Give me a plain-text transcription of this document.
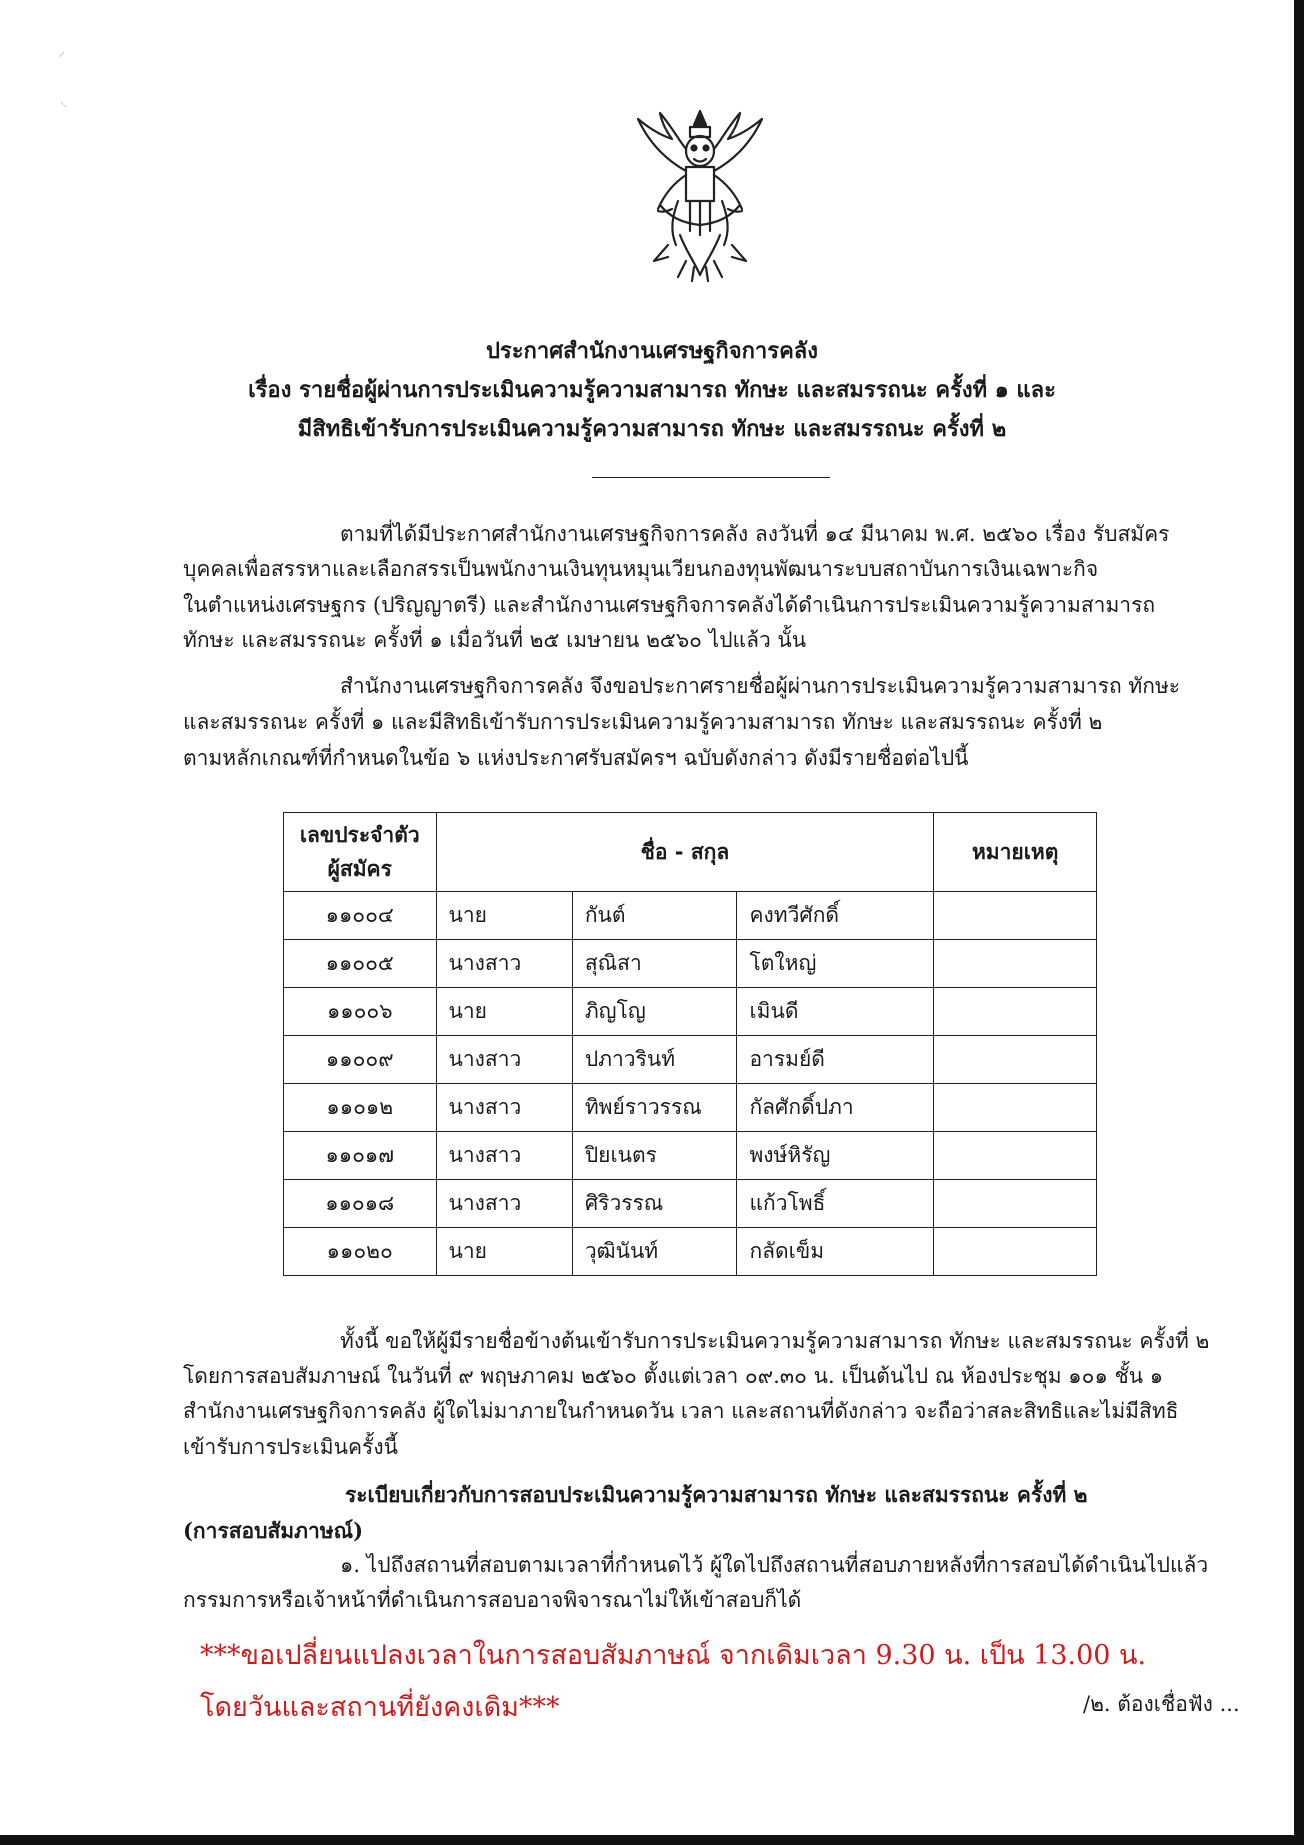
⸝
⸜
ประกาศสำนักงานเศรษฐกิจการคลัง
เรื่อง รายชื่อผู้ผ่านการประเมินความรู้ความสามารถ ทักษะ และสมรรถนะ ครั้งที่ ๑ และ
มีสิทธิเข้ารับการประเมินความรู้ความสามารถ ทักษะ และสมรรถนะ ครั้งที่ ๒
ตามที่ได้มีประกาศสำนักงานเศรษฐกิจการคลัง ลงวันที่ ๑๔ มีนาคม พ.ศ. ๒๕๖๐ เรื่อง รับสมัคร
บุคคลเพื่อสรรหาและเลือกสรรเป็นพนักงานเงินทุนหมุนเวียนกองทุนพัฒนาระบบสถาบันการเงินเฉพาะกิจ
ในตำแหน่งเศรษฐกร (ปริญญาตรี) และสำนักงานเศรษฐกิจการคลังได้ดำเนินการประเมินความรู้ความสามารถ
ทักษะ และสมรรถนะ ครั้งที่ ๑ เมื่อวันที่ ๒๕ เมษายน ๒๕๖๐ ไปแล้ว นั้น
สำนักงานเศรษฐกิจการคลัง จึงขอประกาศรายชื่อผู้ผ่านการประเมินความรู้ความสามารถ ทักษะ
และสมรรถนะ ครั้งที่ ๑ และมีสิทธิเข้ารับการประเมินความรู้ความสามารถ ทักษะ และสมรรถนะ ครั้งที่ ๒
ตามหลักเกณฑ์ที่กำหนดในข้อ ๖ แห่งประกาศรับสมัครฯ ฉบับดังกล่าว ดังมีรายชื่อต่อไปนี้
เลขประจำตัว
ผู้สมัคร	ชื่อ - สกุล			หมายเหตุ
๑๑๐๐๔	นาย	กันต์	คงทวีศักดิ์	
๑๑๐๐๕	นางสาว	สุณิสา	โตใหญ่	
๑๑๐๐๖	นาย	ภิญโญ	เมินดี	
๑๑๐๐๙	นางสาว	ปภาวรินท์	อารมย์ดี	
๑๑๐๑๒	นางสาว	ทิพย์ราวรรณ	กัลศักดิ์ปภา	
๑๑๐๑๗	นางสาว	ปิยเนตร	พงษ์หิรัญ	
๑๑๐๑๘	นางสาว	ศิริวรรณ	แก้วโพธิ์	
๑๑๐๒๐	นาย	วุฒินันท์	กลัดเข็ม	
ทั้งนี้ ขอให้ผู้มีรายชื่อข้างต้นเข้ารับการประเมินความรู้ความสามารถ ทักษะ และสมรรถนะ ครั้งที่ ๒
โดยการสอบสัมภาษณ์ ในวันที่ ๙ พฤษภาคม ๒๕๖๐ ตั้งแต่เวลา ๐๙.๓๐ น. เป็นต้นไป ณ ห้องประชุม ๑๐๑ ชั้น ๑
สำนักงานเศรษฐกิจการคลัง ผู้ใดไม่มาภายในกำหนดวัน เวลา และสถานที่ดังกล่าว จะถือว่าสละสิทธิและไม่มีสิทธิ
เข้ารับการประเมินครั้งนี้
ระเบียบเกี่ยวกับการสอบประเมินความรู้ความสามารถ ทักษะ และสมรรถนะ ครั้งที่ ๒
(การสอบสัมภาษณ์)
๑. ไปถึงสถานที่สอบตามเวลาที่กำหนดไว้ ผู้ใดไปถึงสถานที่สอบภายหลังที่การสอบได้ดำเนินไปแล้ว
กรรมการหรือเจ้าหน้าที่ดำเนินการสอบอาจพิจารณาไม่ให้เข้าสอบก็ได้
***ขอเปลี่ยนแปลงเวลาในการสอบสัมภาษณ์ จากเดิมเวลา 9.30 น. เป็น 13.00 น.
โดยวันและสถานที่ยังคงเดิม***	/๒. ต้องเชื่อฟัง ...
